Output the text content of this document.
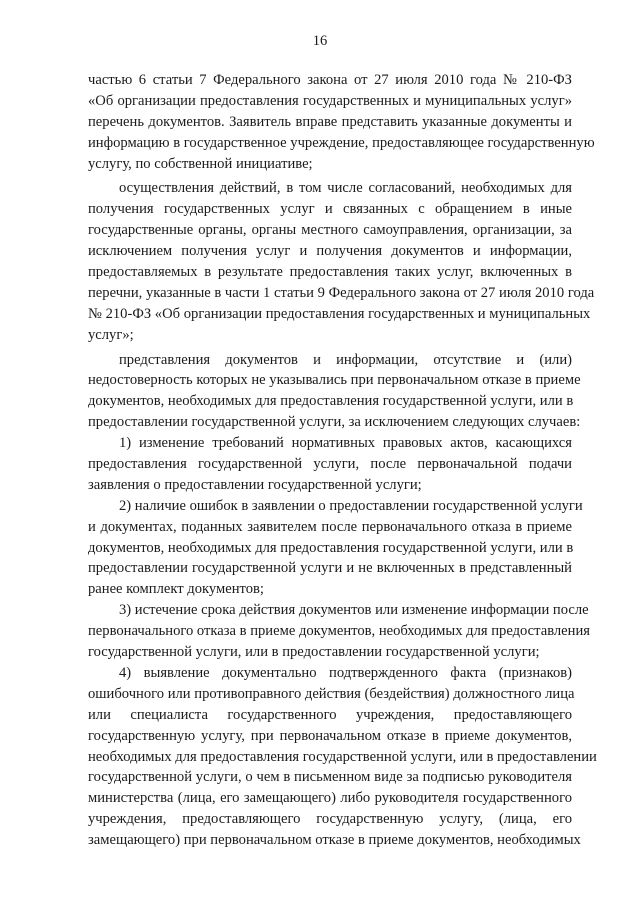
16
частью 6 статьи 7 Федерального закона от 27 июля 2010 года № 210-ФЗ
«Об организации предоставления государственных и муниципальных услуг»
перечень документов. Заявитель вправе представить указанные документы и
информацию в государственное учреждение, предоставляющее государственную
услугу, по собственной инициативе;
осуществления действий, в том числе согласований, необходимых для
получения государственных услуг и связанных с обращением в иные
государственные органы, органы местного самоуправления, организации, за
исключением получения услуг и получения документов и информации,
предоставляемых в результате предоставления таких услуг, включенных в
перечни, указанные в части 1 статьи 9 Федерального закона от 27 июля 2010 года
№ 210-ФЗ «Об организации предоставления государственных и муниципальных
услуг»;
представления документов и информации, отсутствие и (или)
недостоверность которых не указывались при первоначальном отказе в приеме
документов, необходимых для предоставления государственной услуги, или в
предоставлении государственной услуги, за исключением следующих случаев:
1) изменение требований нормативных правовых актов, касающихся
предоставления государственной услуги, после первоначальной подачи
заявления о предоставлении государственной услуги;
2) наличие ошибок в заявлении о предоставлении государственной услуги
и документах, поданных заявителем после первоначального отказа в приеме
документов, необходимых для предоставления государственной услуги, или в
предоставлении государственной услуги и не включенных в представленный
ранее комплект документов;
3) истечение срока действия документов или изменение информации после
первоначального отказа в приеме документов, необходимых для предоставления
государственной услуги, или в предоставлении государственной услуги;
4) выявление документально подтвержденного факта (признаков)
ошибочного или противоправного действия (бездействия) должностного лица
или специалиста государственного учреждения, предоставляющего
государственную услугу, при первоначальном отказе в приеме документов,
необходимых для предоставления государственной услуги, или в предоставлении
государственной услуги, о чем в письменном виде за подписью руководителя
министерства (лица, его замещающего) либо руководителя государственного
учреждения, предоставляющего государственную услугу, (лица, его
замещающего) при первоначальном отказе в приеме документов, необходимых
